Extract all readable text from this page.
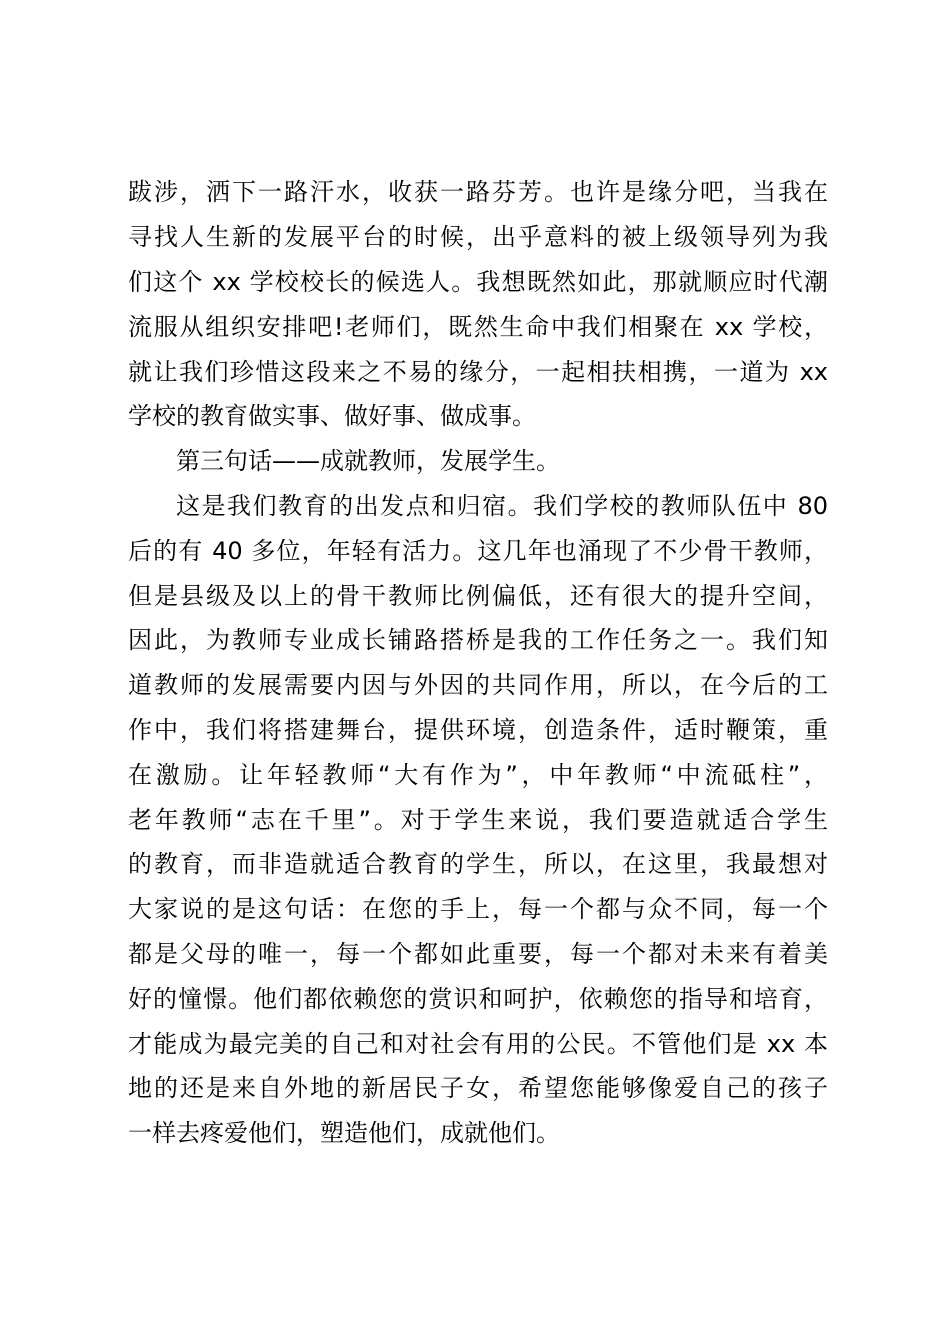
跋涉，洒下一路汗水，收获一路芬芳。也许是缘分吧，当我在
寻找人生新的发展平台的时候，出乎意料的被上级领导列为我
们这个 xx 学校校长的候选人。我想既然如此，那就顺应时代潮
流服从组织安排吧!老师们，既然生命中我们相聚在 xx 学校，
就让我们珍惜这段来之不易的缘分，一起相扶相携，一道为 xx
学校的教育做实事、做好事、做成事。
第三句话——成就教师，发展学生。
这是我们教育的出发点和归宿。我们学校的教师队伍中 80
后的有 40 多位，年轻有活力。这几年也涌现了不少骨干教师，
但是县级及以上的骨干教师比例偏低，还有很大的提升空间，
因此，为教师专业成长铺路搭桥是我的工作任务之一。我们知
道教师的发展需要内因与外因的共同作用，所以，在今后的工
作中，我们将搭建舞台，提供环境，创造条件，适时鞭策，重
在激励。让年轻教师“大有作为”，中年教师“中流砥柱”，
老年教师“志在千里”。对于学生来说，我们要造就适合学生
的教育，而非造就适合教育的学生，所以，在这里，我最想对
大家说的是这句话：在您的手上，每一个都与众不同，每一个
都是父母的唯一，每一个都如此重要，每一个都对未来有着美
好的憧憬。他们都依赖您的赏识和呵护，依赖您的指导和培育，
才能成为最完美的自己和对社会有用的公民。不管他们是 xx 本
地的还是来自外地的新居民子女，希望您能够像爱自己的孩子
一样去疼爱他们，塑造他们，成就他们。
